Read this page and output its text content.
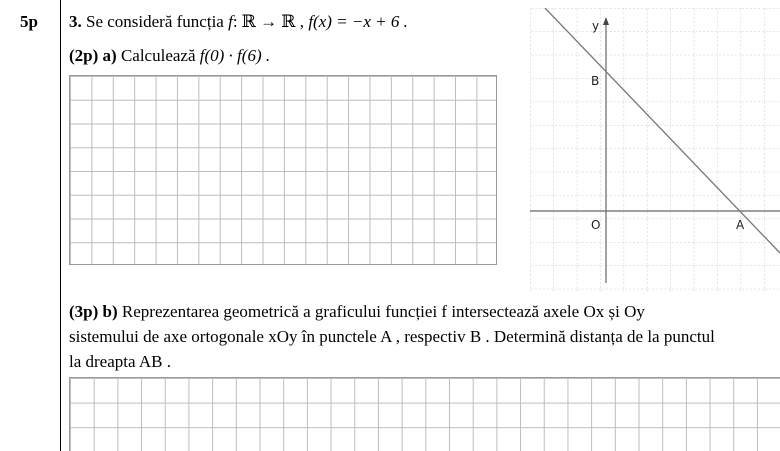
5p 3. Se consideră funcția f: ℝ → ℝ , f(x) = −x + 6 .
(2p) a) Calculează f(0) · f(6) .
y
B
O	A
(3p) b) Reprezentarea geometrică a graficului funcției f intersectează axele Ox și Oy
sistemului de axe ortogonale xOy în punctele A , respectiv B . Determină distanța de la punctul
la dreapta AB .
